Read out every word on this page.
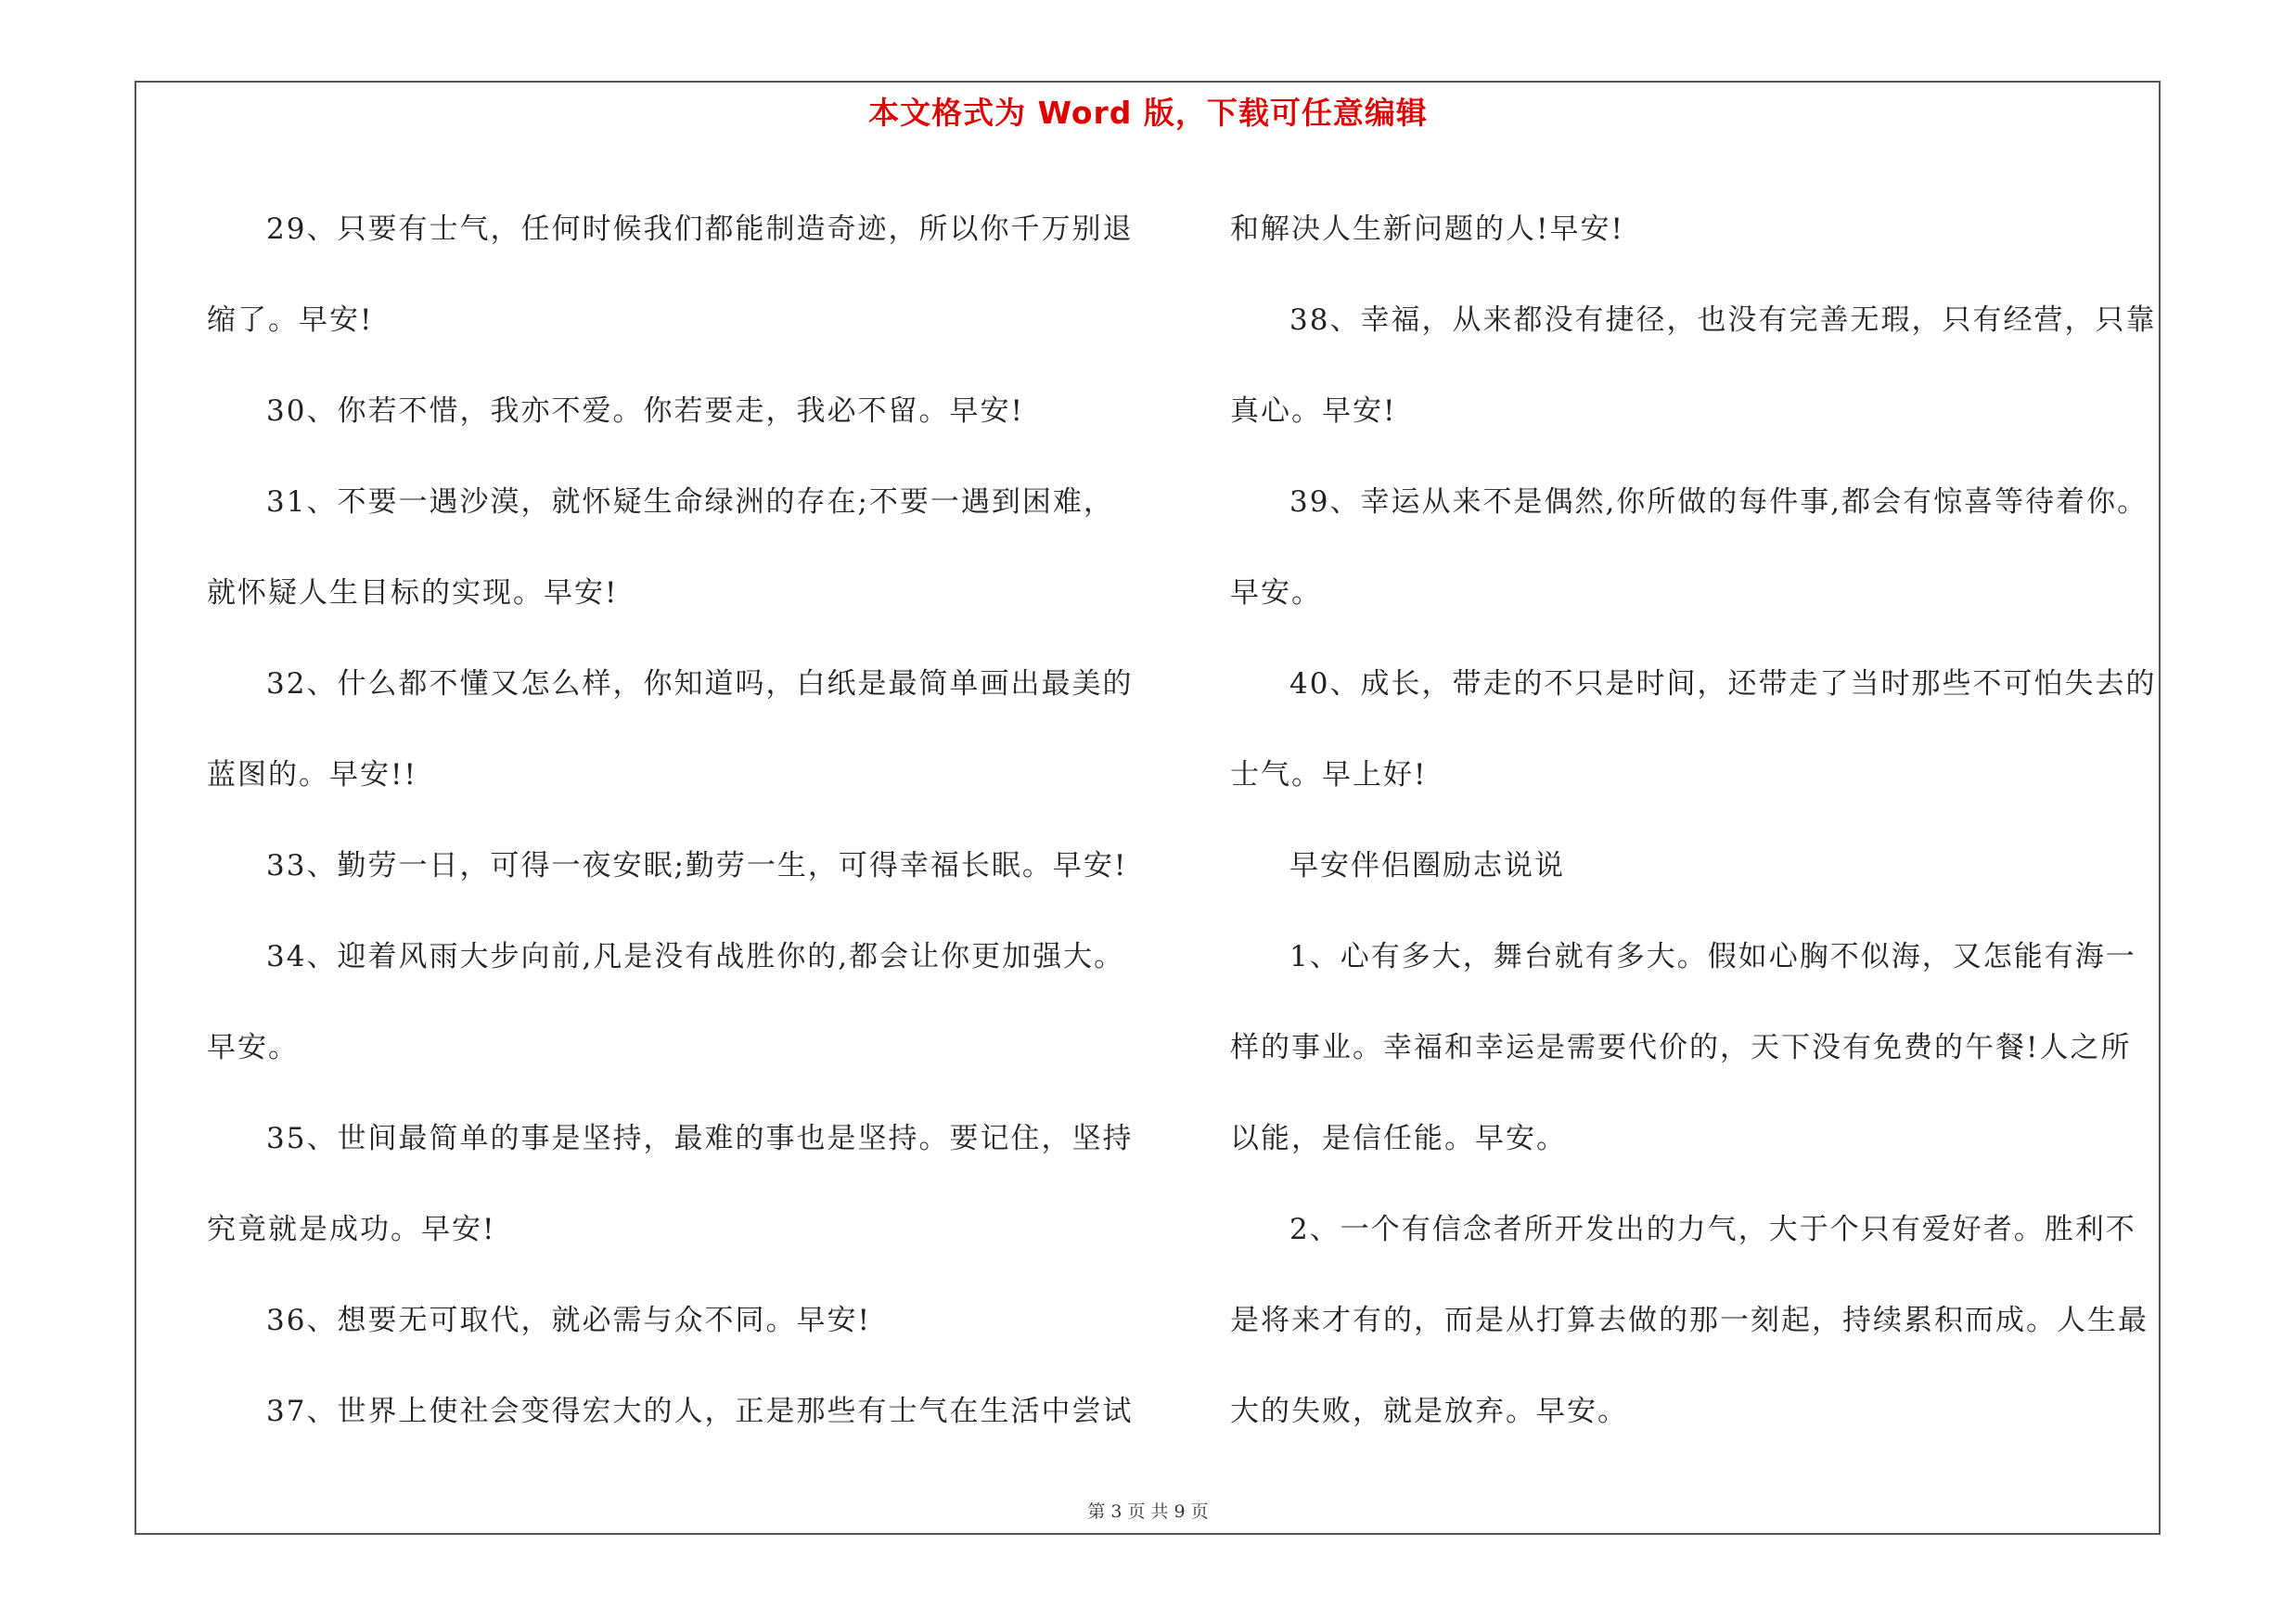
本文格式为 Word 版，下载可任意编辑
29、只要有士气，任何时候我们都能制造奇迹，所以你千万别退
缩了。早安!
30、你若不惜，我亦不爱。你若要走，我必不留。早安!
31、不要一遇沙漠，就怀疑生命绿洲的存在;不要一遇到困难，
就怀疑人生目标的实现。早安!
32、什么都不懂又怎么样，你知道吗，白纸是最简单画出最美的
蓝图的。早安!!
33、勤劳一日，可得一夜安眠;勤劳一生，可得幸福长眠。早安!
34、迎着风雨大步向前,凡是没有战胜你的,都会让你更加强大。
早安。
35、世间最简单的事是坚持，最难的事也是坚持。要记住，坚持
究竟就是成功。早安!
36、想要无可取代，就必需与众不同。早安!
37、世界上使社会变得宏大的人，正是那些有士气在生活中尝试
和解决人生新问题的人!早安!
38、幸福，从来都没有捷径，也没有完善无瑕，只有经营，只靠
真心。早安!
39、幸运从来不是偶然,你所做的每件事,都会有惊喜等待着你。
早安。
40、成长，带走的不只是时间，还带走了当时那些不可怕失去的
士气。早上好!
早安伴侣圈励志说说
1、心有多大，舞台就有多大。假如心胸不似海，又怎能有海一
样的事业。幸福和幸运是需要代价的，天下没有免费的午餐!人之所
以能，是信任能。早安。
2、一个有信念者所开发出的力气，大于个只有爱好者。胜利不
是将来才有的，而是从打算去做的那一刻起，持续累积而成。人生最
大的失败，就是放弃。早安。
第 3 页 共 9 页
